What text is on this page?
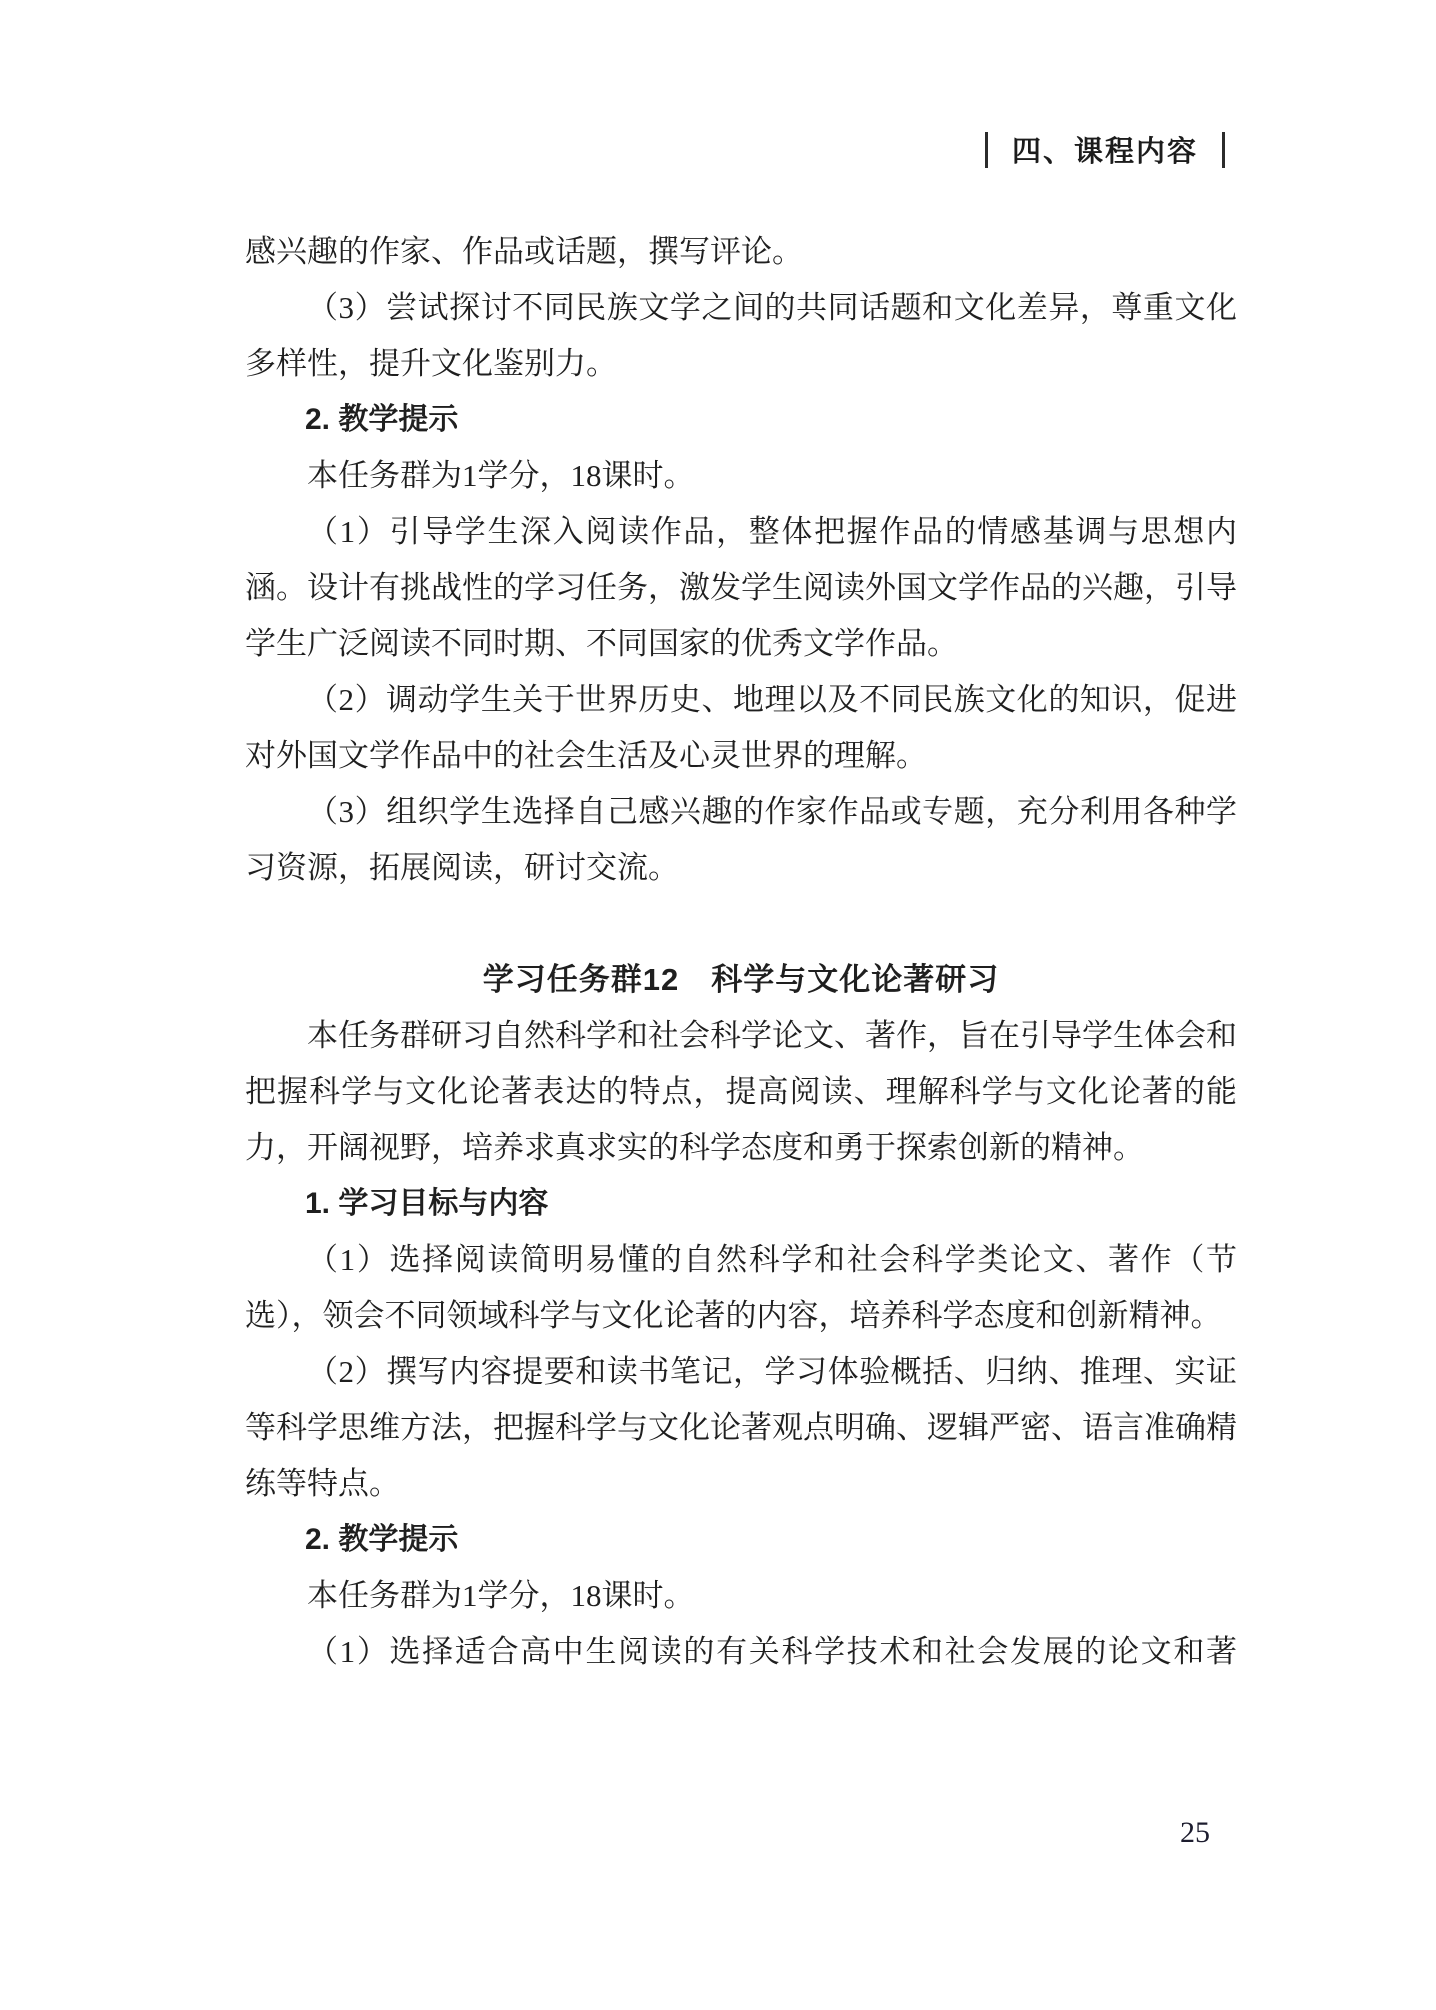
四、课程内容

感兴趣的作家、作品或话题，撰写评论。

（3）尝试探讨不同民族文学之间的共同话题和文化差异，尊重文化多样性，提升文化鉴别力。

2. 教学提示

本任务群为1学分，18课时。

（1）引导学生深入阅读作品，整体把握作品的情感基调与思想内涵。设计有挑战性的学习任务，激发学生阅读外国文学作品的兴趣，引导学生广泛阅读不同时期、不同国家的优秀文学作品。

（2）调动学生关于世界历史、地理以及不同民族文化的知识，促进对外国文学作品中的社会生活及心灵世界的理解。

（3）组织学生选择自己感兴趣的作家作品或专题，充分利用各种学习资源，拓展阅读，研讨交流。

学习任务群12　科学与文化论著研习

本任务群研习自然科学和社会科学论文、著作，旨在引导学生体会和把握科学与文化论著表达的特点，提高阅读、理解科学与文化论著的能力，开阔视野，培养求真求实的科学态度和勇于探索创新的精神。

1. 学习目标与内容

（1）选择阅读简明易懂的自然科学和社会科学类论文、著作（节选），领会不同领域科学与文化论著的内容，培养科学态度和创新精神。

（2）撰写内容提要和读书笔记，学习体验概括、归纳、推理、实证等科学思维方法，把握科学与文化论著观点明确、逻辑严密、语言准确精练等特点。

2. 教学提示

本任务群为1学分，18课时。

（1）选择适合高中生阅读的有关科学技术和社会发展的论文和著

25
